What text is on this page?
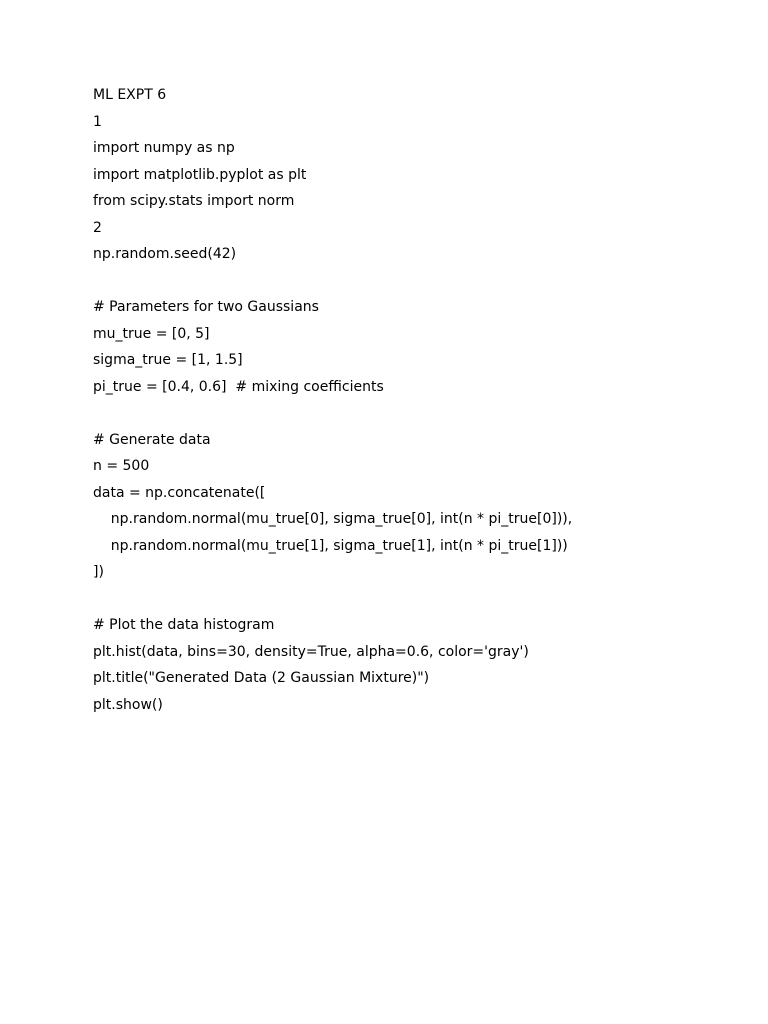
ML EXPT 6

1

import numpy as np

import matplotlib.pyplot as plt

from scipy.stats import norm

2

np.random.seed(42)

# Parameters for two Gaussians

mu_true = [0, 5]

sigma_true = [1, 1.5]

pi_true = [0.4, 0.6]  # mixing coefficients

# Generate data

n = 500

data = np.concatenate([

np.random.normal(mu_true[0], sigma_true[0], int(n * pi_true[0])),

np.random.normal(mu_true[1], sigma_true[1], int(n * pi_true[1]))

])

# Plot the data histogram

plt.hist(data, bins=30, density=True, alpha=0.6, color='gray')

plt.title("Generated Data (2 Gaussian Mixture)")

plt.show()
